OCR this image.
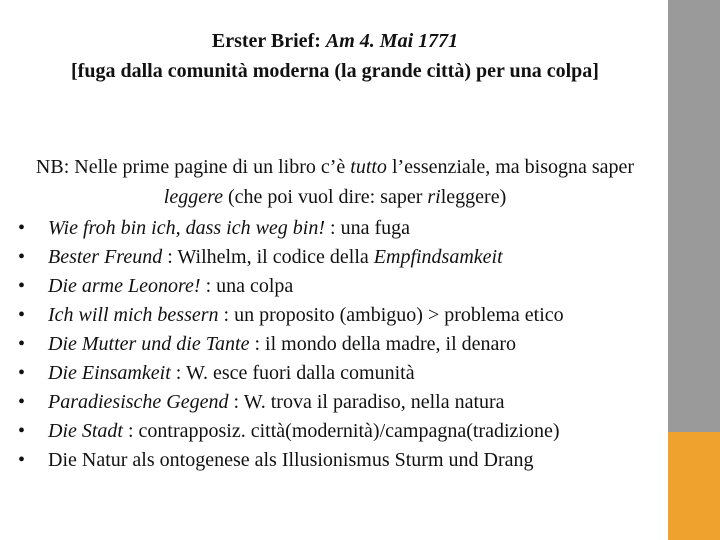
Erster Brief: Am 4. Mai 1771
[fuga dalla comunità moderna (la grande città) per una colpa]
NB: Nelle prime pagine di un libro c’è tutto l’essenziale, ma bisogna saper leggere (che poi vuol dire: saper rileggere)
• Wie froh bin ich, dass ich weg bin! : una fuga
• Bester Freund : Wilhelm, il codice della Empfindsamkeit
• Die arme Leonore! : una colpa
• Ich will mich bessern : un proposito (ambiguo) > problema etico
• Die Mutter und die Tante : il mondo della madre, il denaro
• Die Einsamkeit : W. esce fuori dalla comunità
• Paradiesische Gegend : W. trova il paradiso, nella natura
• Die Stadt : contrapposiz. città(modernità)/campagna(tradizione)
• Die Natur als ontogenese als Illusionismus Sturm und Drang
